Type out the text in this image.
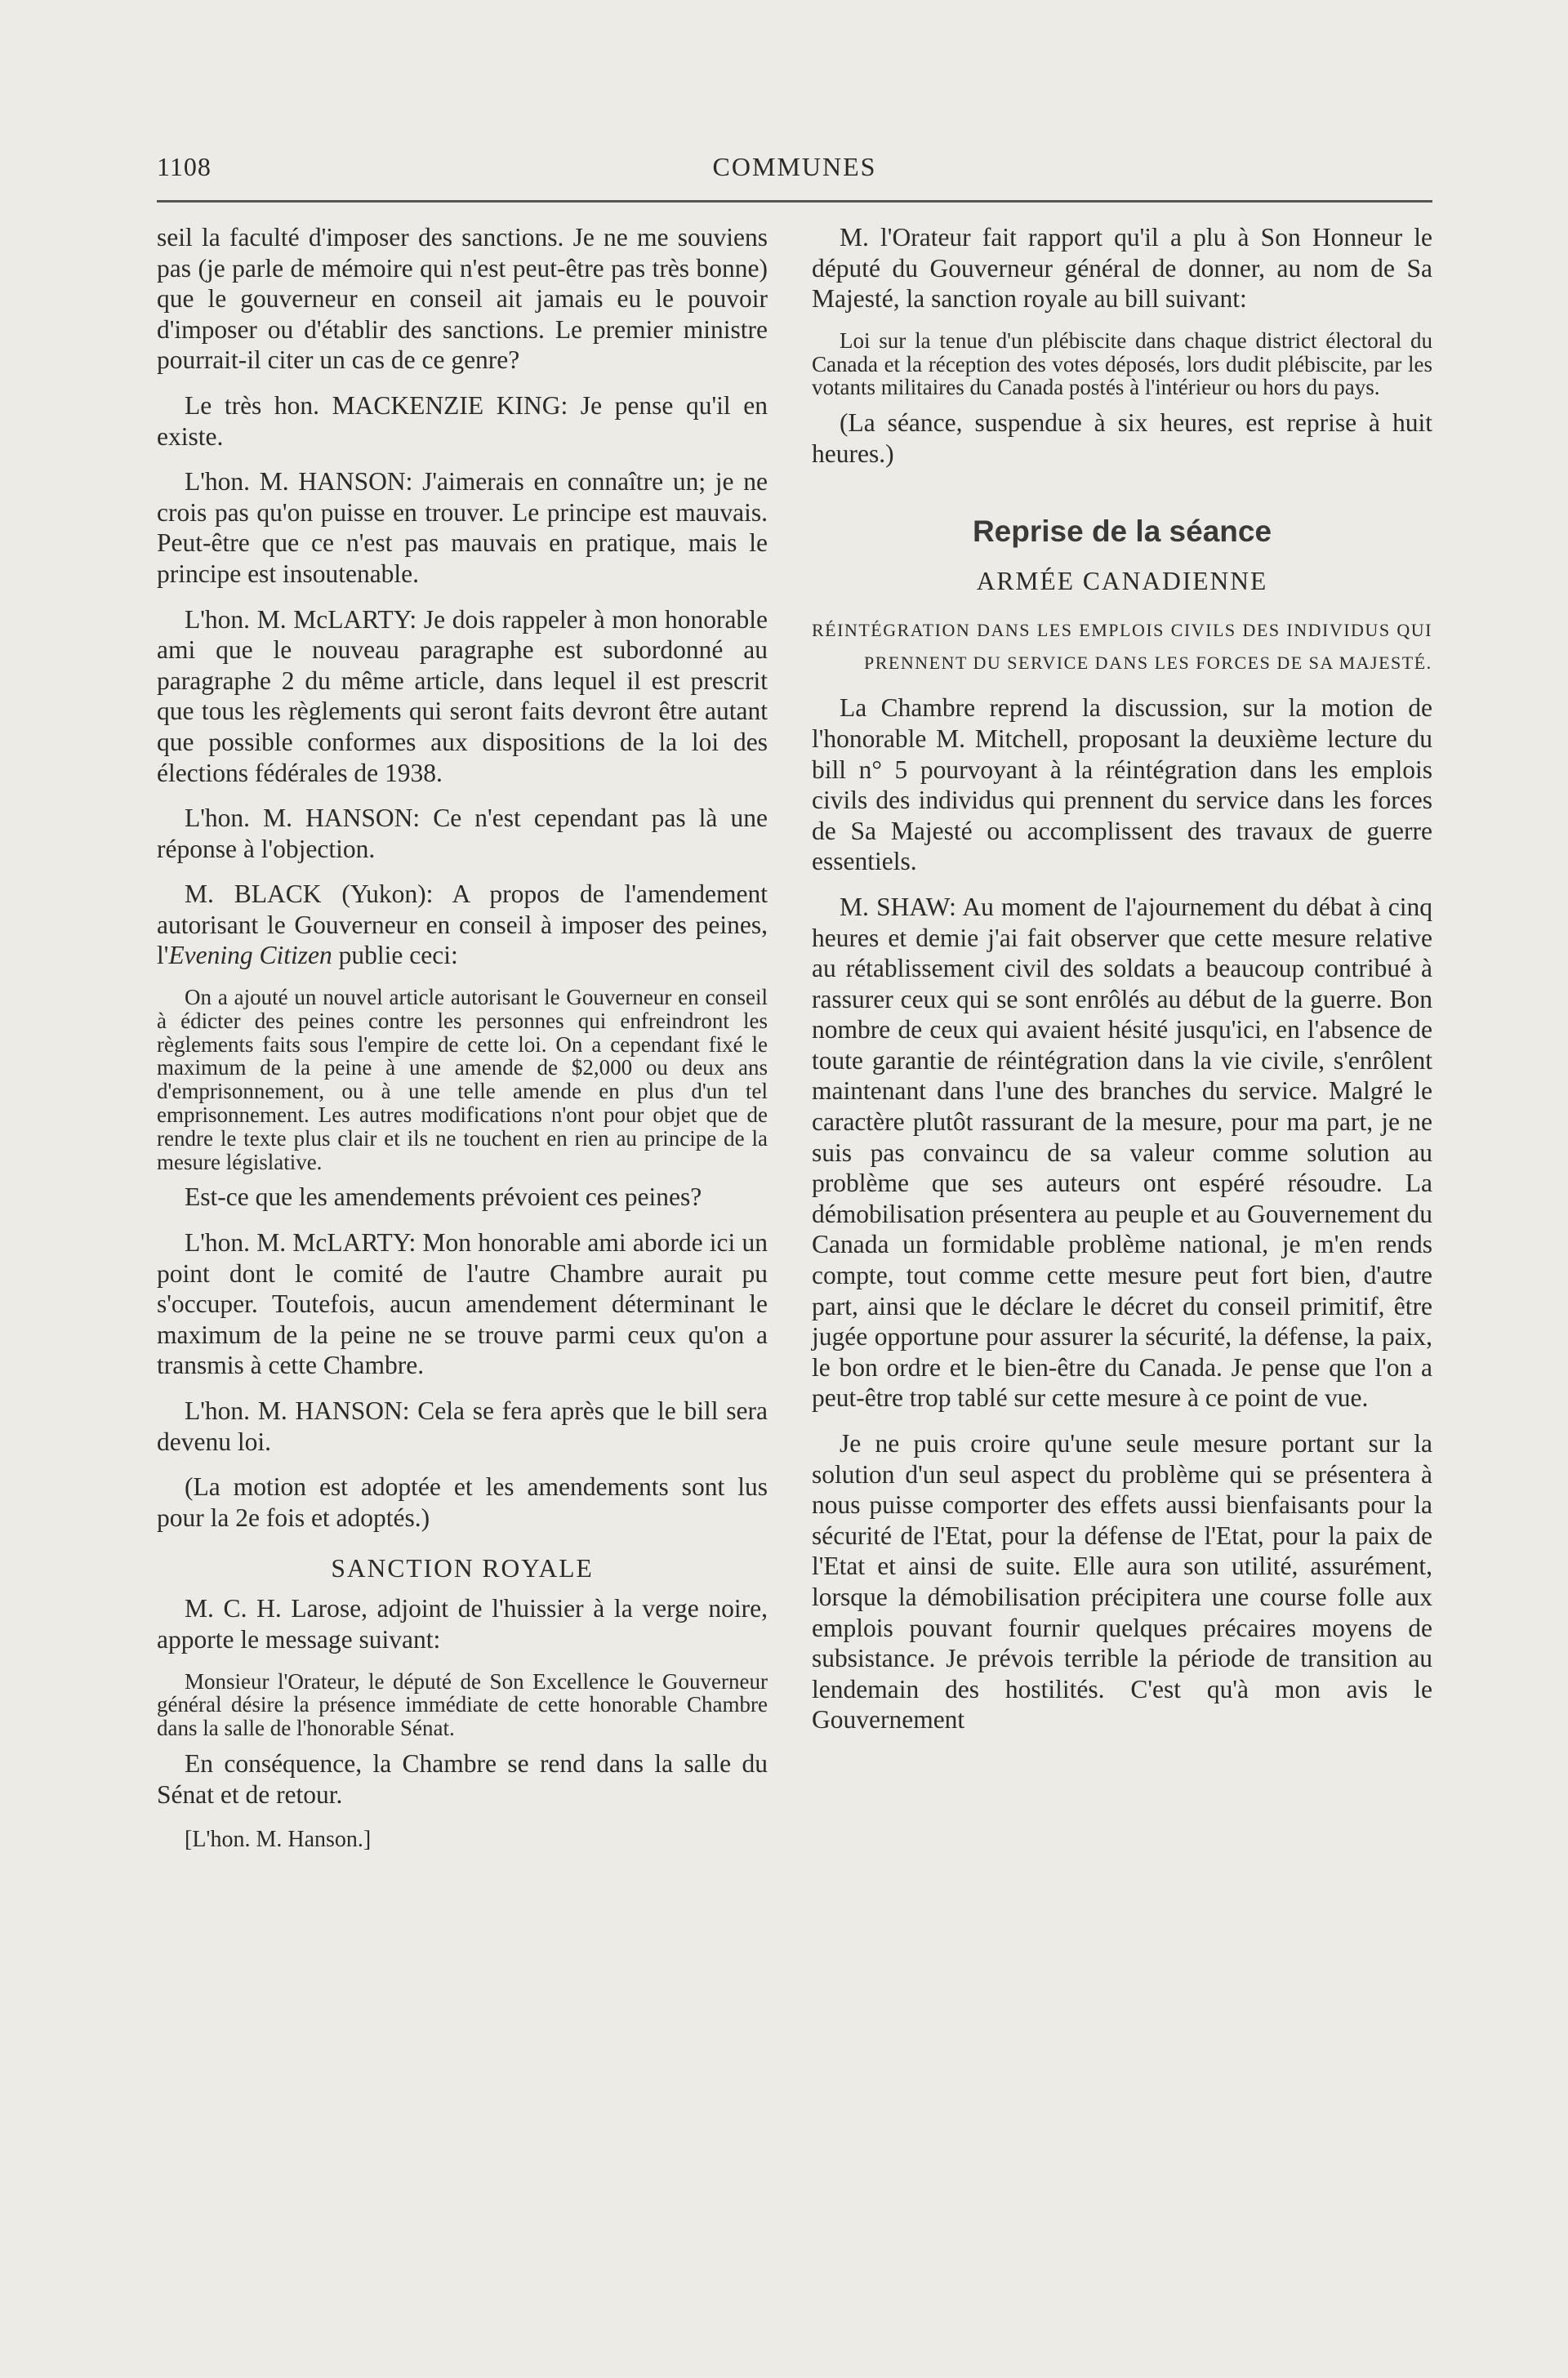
1108	COMMUNES

seil la faculté d'imposer des sanctions. Je ne me souviens pas (je parle de mémoire qui n'est peut-être pas très bonne) que le gouverneur en conseil ait jamais eu le pouvoir d'imposer ou d'établir des sanctions. Le premier ministre pourrait-il citer un cas de ce genre?

Le très hon. MACKENZIE KING: Je pense qu'il en existe.

L'hon. M. HANSON: J'aimerais en connaître un; je ne crois pas qu'on puisse en trouver. Le principe est mauvais. Peut-être que ce n'est pas mauvais en pratique, mais le principe est insoutenable.

L'hon. M. McLARTY: Je dois rappeler à mon honorable ami que le nouveau paragraphe est subordonné au paragraphe 2 du même article, dans lequel il est prescrit que tous les règlements qui seront faits devront être autant que possible conformes aux dispositions de la loi des élections fédérales de 1938.

L'hon. M. HANSON: Ce n'est cependant pas là une réponse à l'objection.

M. BLACK (Yukon): A propos de l'amendement autorisant le Gouverneur en conseil à imposer des peines, l'Evening Citizen publie ceci:

On a ajouté un nouvel article autorisant le Gouverneur en conseil à édicter des peines contre les personnes qui enfreindront les règlements faits sous l'empire de cette loi. On a cependant fixé le maximum de la peine à une amende de $2,000 ou deux ans d'emprisonnement, ou à une telle amende en plus d'un tel emprisonnement. Les autres modifications n'ont pour objet que de rendre le texte plus clair et ils ne touchent en rien au principe de la mesure législative.

Est-ce que les amendements prévoient ces peines?

L'hon. M. McLARTY: Mon honorable ami aborde ici un point dont le comité de l'autre Chambre aurait pu s'occuper. Toutefois, aucun amendement déterminant le maximum de la peine ne se trouve parmi ceux qu'on a transmis à cette Chambre.

L'hon. M. HANSON: Cela se fera après que le bill sera devenu loi.

(La motion est adoptée et les amendements sont lus pour la 2e fois et adoptés.)

SANCTION ROYALE

M. C. H. Larose, adjoint de l'huissier à la verge noire, apporte le message suivant:

Monsieur l'Orateur, le député de Son Excellence le Gouverneur général désire la présence immédiate de cette honorable Chambre dans la salle de l'honorable Sénat.

En conséquence, la Chambre se rend dans la salle du Sénat et de retour.

[L'hon. M. Hanson.]

M. l'Orateur fait rapport qu'il a plu à Son Honneur le député du Gouverneur général de donner, au nom de Sa Majesté, la sanction royale au bill suivant:

Loi sur la tenue d'un plébiscite dans chaque district électoral du Canada et la réception des votes déposés, lors dudit plébiscite, par les votants militaires du Canada postés à l'intérieur ou hors du pays.

(La séance, suspendue à six heures, est reprise à huit heures.)

Reprise de la séance
ARMÉE CANADIENNE
RÉINTÉGRATION DANS LES EMPLOIS CIVILS DES INDIVIDUS QUI PRENNENT DU SERVICE DANS LES FORCES DE SA MAJESTÉ.

La Chambre reprend la discussion, sur la motion de l'honorable M. Mitchell, proposant la deuxième lecture du bill n° 5 pourvoyant à la réintégration dans les emplois civils des individus qui prennent du service dans les forces de Sa Majesté ou accomplissent des travaux de guerre essentiels.

M. SHAW: Au moment de l'ajournement du débat à cinq heures et demie j'ai fait observer que cette mesure relative au rétablissement civil des soldats a beaucoup contribué à rassurer ceux qui se sont enrôlés au début de la guerre. Bon nombre de ceux qui avaient hésité jusqu'ici, en l'absence de toute garantie de réintégration dans la vie civile, s'enrôlent maintenant dans l'une des branches du service. Malgré le caractère plutôt rassurant de la mesure, pour ma part, je ne suis pas convaincu de sa valeur comme solution au problème que ses auteurs ont espéré résoudre. La démobilisation présentera au peuple et au Gouvernement du Canada un formidable problème national, je m'en rends compte, tout comme cette mesure peut fort bien, d'autre part, ainsi que le déclare le décret du conseil primitif, être jugée opportune pour assurer la sécurité, la défense, la paix, le bon ordre et le bien-être du Canada. Je pense que l'on a peut-être trop tablé sur cette mesure à ce point de vue.

Je ne puis croire qu'une seule mesure portant sur la solution d'un seul aspect du problème qui se présentera à nous puisse comporter des effets aussi bienfaisants pour la sécurité de l'Etat, pour la défense de l'Etat, pour la paix de l'Etat et ainsi de suite. Elle aura son utilité, assurément, lorsque la démobilisation précipitera une course folle aux emplois pouvant fournir quelques précaires moyens de subsistance. Je prévois terrible la période de transition au lendemain des hostilités. C'est qu'à mon avis le Gouvernement
